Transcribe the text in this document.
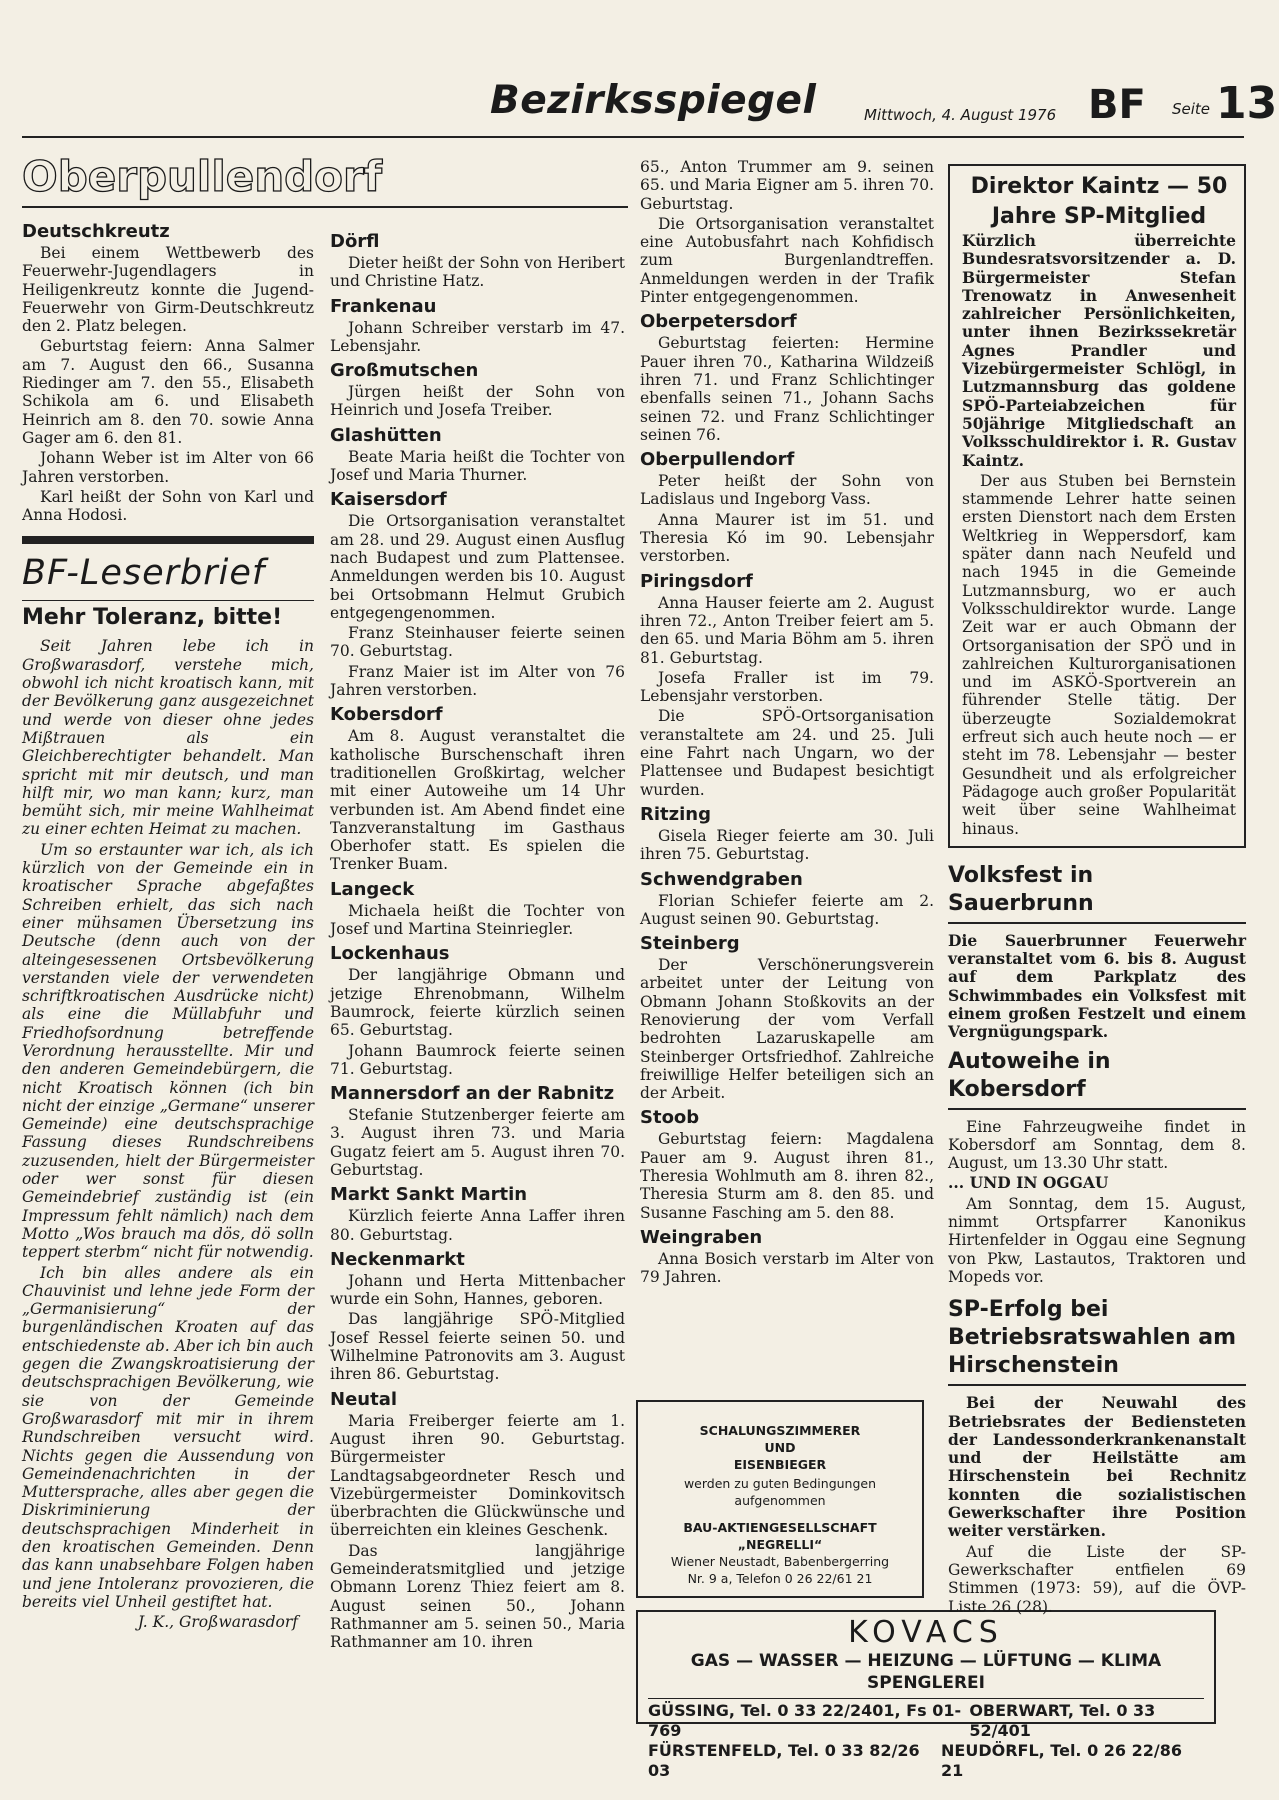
Bezirksspiegel	Mittwoch, 4. August 1976 BF Seite 13
Oberpullendorf
Deutschkreutz

Bei einem Wettbewerb des Feuerwehr-Jugendlagers in Heiligenkreutz konnte die Jugend-Feuerwehr von Girm-Deutschkreutz den 2. Platz belegen.

Geburtstag feiern: Anna Salmer am 7. August den 66., Susanna Riedinger am 7. den 55., Elisabeth Schikola am 6. und Elisabeth Heinrich am 8. den 70. sowie Anna Gager am 6. den 81.

Johann Weber ist im Alter von 66 Jahren verstorben.

Karl heißt der Sohn von Karl und Anna Hodosi.

BF-Leserbrief
Mehr Toleranz, bitte!

Seit Jahren lebe ich in Großwarasdorf, verstehe mich, obwohl ich nicht kroatisch kann, mit der Bevölkerung ganz ausgezeichnet und werde von dieser ohne jedes Mißtrauen als ein Gleichberechtigter behandelt. Man spricht mit mir deutsch, und man hilft mir, wo man kann; kurz, man bemüht sich, mir meine Wahlheimat zu einer echten Heimat zu machen.

Um so erstaunter war ich, als ich kürzlich von der Gemeinde ein in kroatischer Sprache abgefaßtes Schreiben erhielt, das sich nach einer mühsamen Übersetzung ins Deutsche (denn auch von der alteingesessenen Ortsbevölkerung verstanden viele der verwendeten schriftkroatischen Ausdrücke nicht) als eine die Müllabfuhr und Friedhofsordnung betreffende Verordnung herausstellte. Mir und den anderen Gemeindebürgern, die nicht Kroatisch können (ich bin nicht der einzige „Germane“ unserer Gemeinde) eine deutschsprachige Fassung dieses Rundschreibens zuzusenden, hielt der Bürgermeister oder wer sonst für diesen Gemeindebrief zuständig ist (ein Impressum fehlt nämlich) nach dem Motto „Wos brauch ma dös, dö solln teppert sterbm“ nicht für notwendig.

Ich bin alles andere als ein Chauvinist und lehne jede Form der „Germanisierung“ der burgenländischen Kroaten auf das entschiedenste ab. Aber ich bin auch gegen die Zwangskroatisierung der deutschsprachigen Bevölkerung, wie sie von der Gemeinde Großwarasdorf mit mir in ihrem Rundschreiben versucht wird. Nichts gegen die Aussendung von Gemeindenachrichten in der Muttersprache, alles aber gegen die Diskriminierung der deutschsprachigen Minderheit in den kroatischen Gemeinden. Denn das kann unabsehbare Folgen haben und jene Intoleranz provozieren, die bereits viel Unheil gestiftet hat.

J. K., Großwarasdorf
Dörfl

Dieter heißt der Sohn von Heribert und Christine Hatz.

Frankenau

Johann Schreiber verstarb im 47. Lebensjahr.

Großmutschen

Jürgen heißt der Sohn von Heinrich und Josefa Treiber.

Glashütten

Beate Maria heißt die Tochter von Josef und Maria Thurner.

Kaisersdorf

Die Ortsorganisation veranstaltet am 28. und 29. August einen Ausflug nach Budapest und zum Plattensee. Anmeldungen werden bis 10. August bei Ortsobmann Helmut Grubich entgegengenommen.

Franz Steinhauser feierte seinen 70. Geburtstag.

Franz Maier ist im Alter von 76 Jahren verstorben.

Kobersdorf

Am 8. August veranstaltet die katholische Burschenschaft ihren traditionellen Großkirtag, welcher mit einer Autoweihe um 14 Uhr verbunden ist. Am Abend findet eine Tanzveranstaltung im Gasthaus Oberhofer statt. Es spielen die Trenker Buam.

Langeck

Michaela heißt die Tochter von Josef und Martina Steinriegler.

Lockenhaus

Der langjährige Obmann und jetzige Ehrenobmann, Wilhelm Baumrock, feierte kürzlich seinen 65. Geburtstag.

Johann Baumrock feierte seinen 71. Geburtstag.

Mannersdorf an der Rabnitz

Stefanie Stutzenberger feierte am 3. August ihren 73. und Maria Gugatz feiert am 5. August ihren 70. Geburtstag.

Markt Sankt Martin

Kürzlich feierte Anna Laffer ihren 80. Geburtstag.

Neckenmarkt

Johann und Herta Mittenbacher wurde ein Sohn, Hannes, geboren.

Das langjährige SPÖ-Mitglied Josef Ressel feierte seinen 50. und Wilhelmine Patronovits am 3. August ihren 86. Geburtstag.

Neutal

Maria Freiberger feierte am 1. August ihren 90. Geburtstag. Bürgermeister Landtagsabgeordneter Resch und Vizebürgermeister Dominkovitsch überbrachten die Glückwünsche und überreichten ein kleines Geschenk.

Das langjährige Gemeinderatsmitglied und jetzige Obmann Lorenz Thiez feiert am 8. August seinen 50., Johann Rathmanner am 5. seinen 50., Maria Rathmanner am 10. ihren

65., Anton Trummer am 9. seinen 65. und Maria Eigner am 5. ihren 70. Geburtstag.

Die Ortsorganisation veranstaltet eine Autobusfahrt nach Kohfidisch zum Burgenlandtreffen. Anmeldungen werden in der Trafik Pinter entgegengenommen.

Oberpetersdorf

Geburtstag feierten: Hermine Pauer ihren 70., Katharina Wildzeiß ihren 71. und Franz Schlichtinger ebenfalls seinen 71., Johann Sachs seinen 72. und Franz Schlichtinger seinen 76.

Oberpullendorf

Peter heißt der Sohn von Ladislaus und Ingeborg Vass.

Anna Maurer ist im 51. und Theresia Kó im 90. Lebensjahr verstorben.

Piringsdorf

Anna Hauser feierte am 2. August ihren 72., Anton Treiber feiert am 5. den 65. und Maria Böhm am 5. ihren 81. Geburtstag.

Josefa Fraller ist im 79. Lebensjahr verstorben.

Die SPÖ-Ortsorganisation veranstaltete am 24. und 25. Juli eine Fahrt nach Ungarn, wo der Plattensee und Budapest besichtigt wurden.

Ritzing

Gisela Rieger feierte am 30. Juli ihren 75. Geburtstag.

Schwendgraben

Florian Schiefer feierte am 2. August seinen 90. Geburtstag.

Steinberg

Der Verschönerungsverein arbeitet unter der Leitung von Obmann Johann Stoßkovits an der Renovierung der vom Verfall bedrohten Lazaruskapelle am Steinberger Ortsfriedhof. Zahlreiche freiwillige Helfer beteiligen sich an der Arbeit.

Stoob

Geburtstag feiern: Magdalena Pauer am 9. August ihren 81., Theresia Wohlmuth am 8. ihren 82., Theresia Sturm am 8. den 85. und Susanne Fasching am 5. den 88.

Weingraben

Anna Bosich verstarb im Alter von 79 Jahren.

SCHALUNGSZIMMERER
UND
EISENBIEGER
werden zu guten Bedingungen aufgenommen
BAU-AKTIENGESELLSCHAFT
„NEGRELLI“
Wiener Neustadt, Babenbergerring Nr. 9 a, Telefon 0 26 22/61 21
KOVACS
GAS — WASSER — HEIZUNG — LÜFTUNG — KLIMA SPENGLEREI
GÜSSING, Tel. 0 33 22/2401, Fs 01-769
OBERWART, Tel. 0 33 52/401
FÜRSTENFELD, Tel. 0 33 82/26 03
NEUDÖRFL, Tel. 0 26 22/86 21
Direktor Kaintz — 50 Jahre SP-Mitglied

Kürzlich überreichte Bundesratsvorsitzender a. D. Bürgermeister Stefan Trenowatz in Anwesenheit zahlreicher Persönlichkeiten, unter ihnen Bezirkssekretär Agnes Prandler und Vizebürgermeister Schlögl, in Lutzmannsburg das goldene SPÖ-Parteiabzeichen für 50jährige Mitgliedschaft an Volksschuldirektor i. R. Gustav Kaintz.

Der aus Stuben bei Bernstein stammende Lehrer hatte seinen ersten Dienstort nach dem Ersten Weltkrieg in Weppersdorf, kam später dann nach Neufeld und nach 1945 in die Gemeinde Lutzmannsburg, wo er auch Volksschuldirektor wurde. Lange Zeit war er auch Obmann der Ortsorganisation der SPÖ und in zahlreichen Kulturorganisationen und im ASKÖ-Sportverein an führender Stelle tätig. Der überzeugte Sozialdemokrat erfreut sich auch heute noch — er steht im 78. Lebensjahr — bester Gesundheit und als erfolgreicher Pädagoge auch großer Popularität weit über seine Wahlheimat hinaus.

Volksfest in Sauerbrunn

Die Sauerbrunner Feuerwehr veranstaltet vom 6. bis 8. August auf dem Parkplatz des Schwimmbades ein Volksfest mit einem großen Festzelt und einem Vergnügungspark.

Autoweihe in Kobersdorf

Eine Fahrzeugweihe findet in Kobersdorf am Sonntag, dem 8. August, um 13.30 Uhr statt.

... UND IN OGGAU

Am Sonntag, dem 15. August, nimmt Ortspfarrer Kanonikus Hirtenfelder in Oggau eine Segnung von Pkw, Lastautos, Traktoren und Mopeds vor.

SP-Erfolg bei Betriebsratswahlen am Hirschenstein

Bei der Neuwahl des Betriebsrates der Bediensteten der Landessonderkrankenanstalt und der Heilstätte am Hirschenstein bei Rechnitz konnten die sozialistischen Gewerkschafter ihre Position weiter verstärken.

Auf die Liste der SP-Gewerkschafter entfielen 69 Stimmen (1973: 59), auf die ÖVP-Liste 26 (28).
